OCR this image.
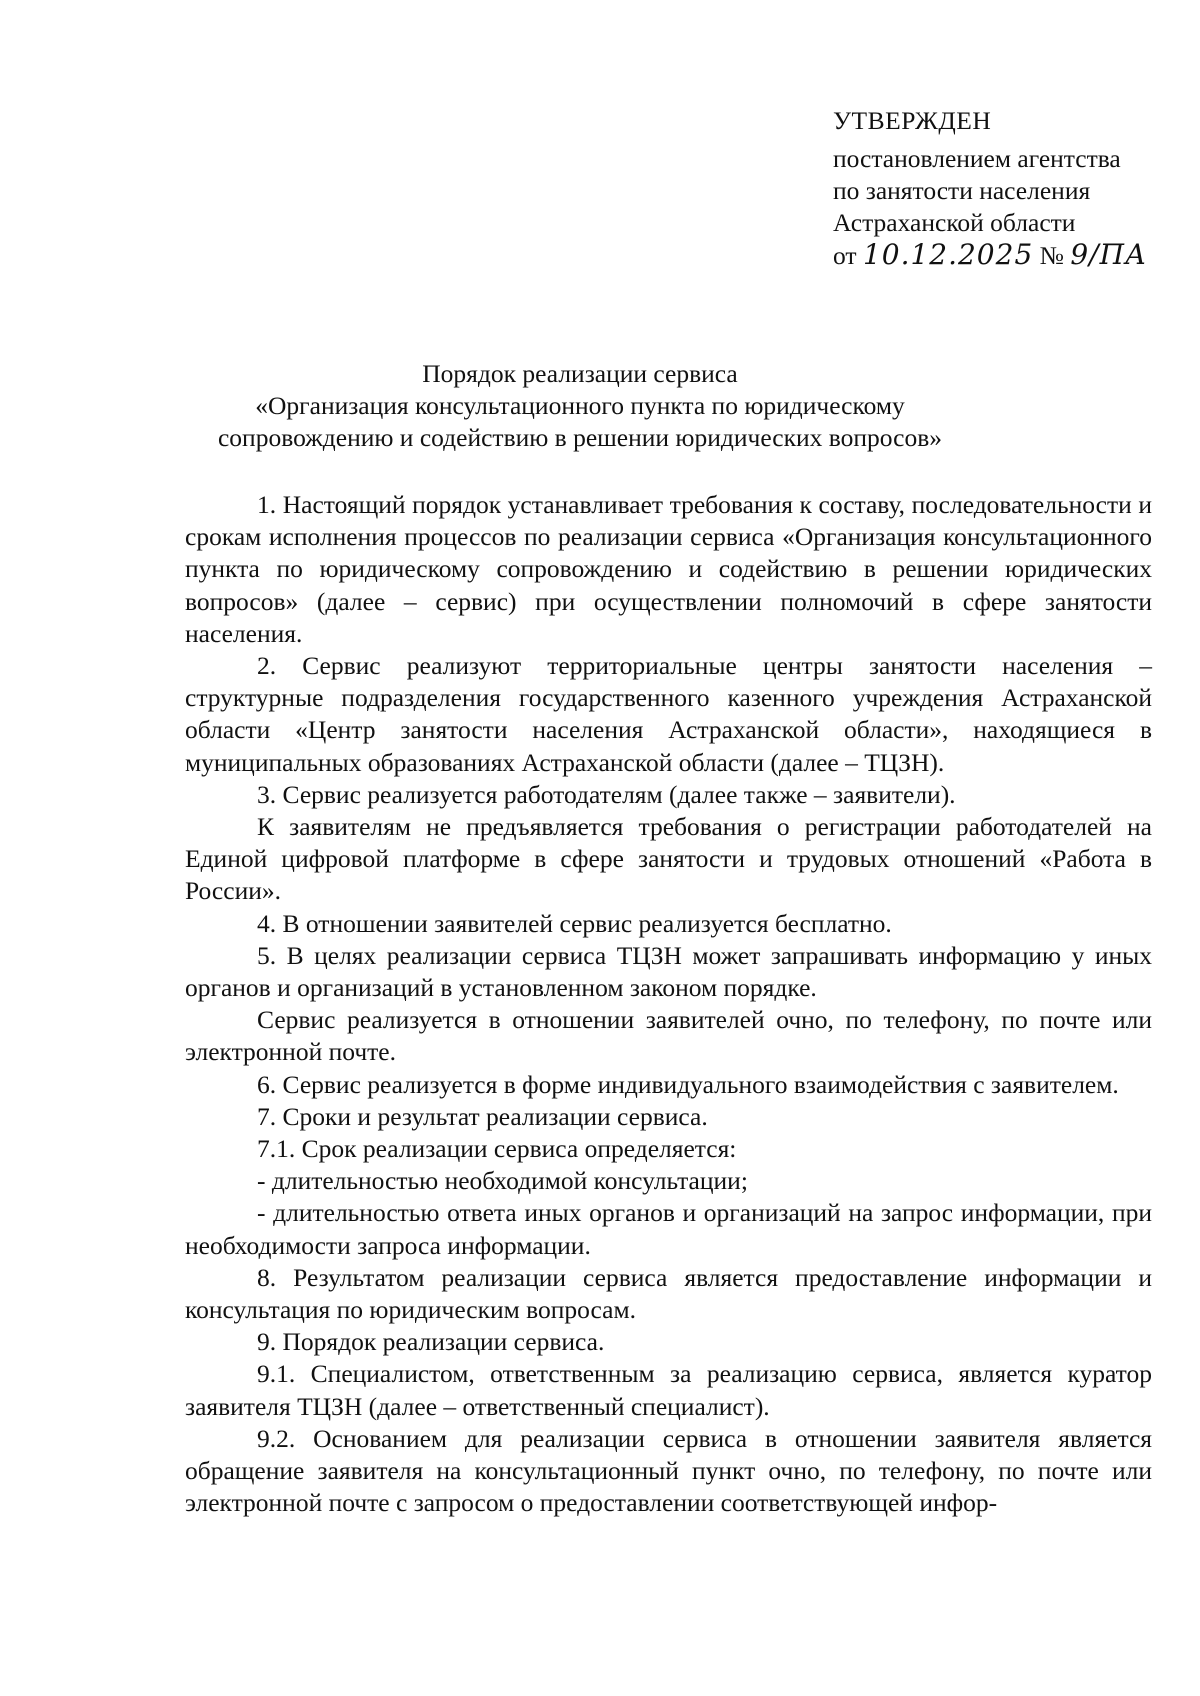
УТВЕРЖДЕН
постановлением агентства
по занятости населения
Астраханской области
от 10.12.2025 № 9/ПА
Порядок реализации сервиса
«Организация консультационного пункта по юридическому
сопровождению и содействию в решении юридических вопросов»

1. Настоящий порядок устанавливает требования к составу, последовательности и срокам исполнения процессов по реализации сервиса «Организация консультационного пункта по юридическому сопровождению и содействию в решении юридических вопросов» (далее – сервис) при осуществлении полномочий в сфере занятости населения.

2. Сервис реализуют территориальные центры занятости населения – структурные подразделения государственного казенного учреждения Астраханской области «Центр занятости населения Астраханской области», находящиеся в муниципальных образованиях Астраханской области (далее – ТЦЗН).

3. Сервис реализуется работодателям (далее также – заявители).

К заявителям не предъявляется требования о регистрации работодателей на Единой цифровой платформе в сфере занятости и трудовых отношений «Работа в России».

4. В отношении заявителей сервис реализуется бесплатно.

5. В целях реализации сервиса ТЦЗН может запрашивать информацию у иных органов и организаций в установленном законом порядке.

Сервис реализуется в отношении заявителей очно, по телефону, по почте или электронной почте.

6. Сервис реализуется в форме индивидуального взаимодействия с заявителем.

7. Сроки и результат реализации сервиса.

7.1. Срок реализации сервиса определяется:

- длительностью необходимой консультации;

- длительностью ответа иных органов и организаций на запрос информации, при необходимости запроса информации.

8. Результатом реализации сервиса является предоставление информации и консультация по юридическим вопросам.

9. Порядок реализации сервиса.

9.1. Специалистом, ответственным за реализацию сервиса, является куратор заявителя ТЦЗН (далее – ответственный специалист).

9.2. Основанием для реализации сервиса в отношении заявителя является обращение заявителя на консультационный пункт очно, по телефону, по почте или электронной почте с запросом о предоставлении соответствующей инфор-
